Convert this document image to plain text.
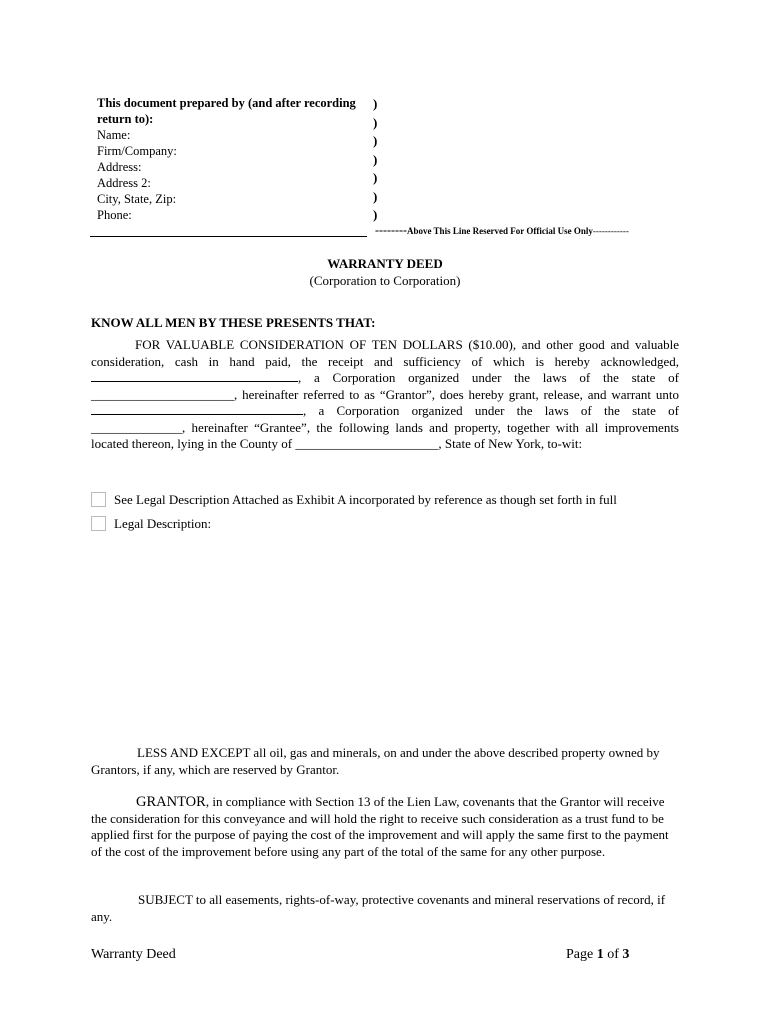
This document prepared by (and after recording
return to):
Name:
Firm/Company:
Address:
Address 2:
City, State, Zip:
Phone:
)
)
)
)
)
)
)
--------Above This Line Reserved For Official Use Only------------
WARRANTY DEED
(Corporation to Corporation)
KNOW ALL MEN BY THESE PRESENTS THAT:
FOR VALUABLE CONSIDERATION OF TEN DOLLARS ($10.00), and other good and valuable consideration, cash in hand paid, the receipt and sufficiency of which is hereby acknowledged, , a Corporation organized under the laws of the state of ______________________, hereinafter referred to as “Grantor”, does hereby grant, release, and warrant unto , a Corporation organized under the laws of the state of ______________, hereinafter “Grantee”, the following lands and property, together with all improvements located thereon, lying in the County of ______________________, State of New York, to-wit:
See Legal Description Attached as Exhibit A incorporated by reference as though set forth in full
Legal Description:
LESS AND EXCEPT all oil, gas and minerals, on and under the above described property owned by Grantors, if any, which are reserved by Grantor.
GRANTOR, in compliance with Section 13 of the Lien Law, covenants that the Grantor will receive the consideration for this conveyance and will hold the right to receive such consideration as a trust fund to be applied first for the purpose of paying the cost of the improvement and will apply the same first to the payment of the cost of the improvement before using any part of the total of the same for any other purpose.
SUBJECT to all easements, rights-of-way, protective covenants and mineral reservations of record, if any.
Warranty Deed	Page 1 of 3
